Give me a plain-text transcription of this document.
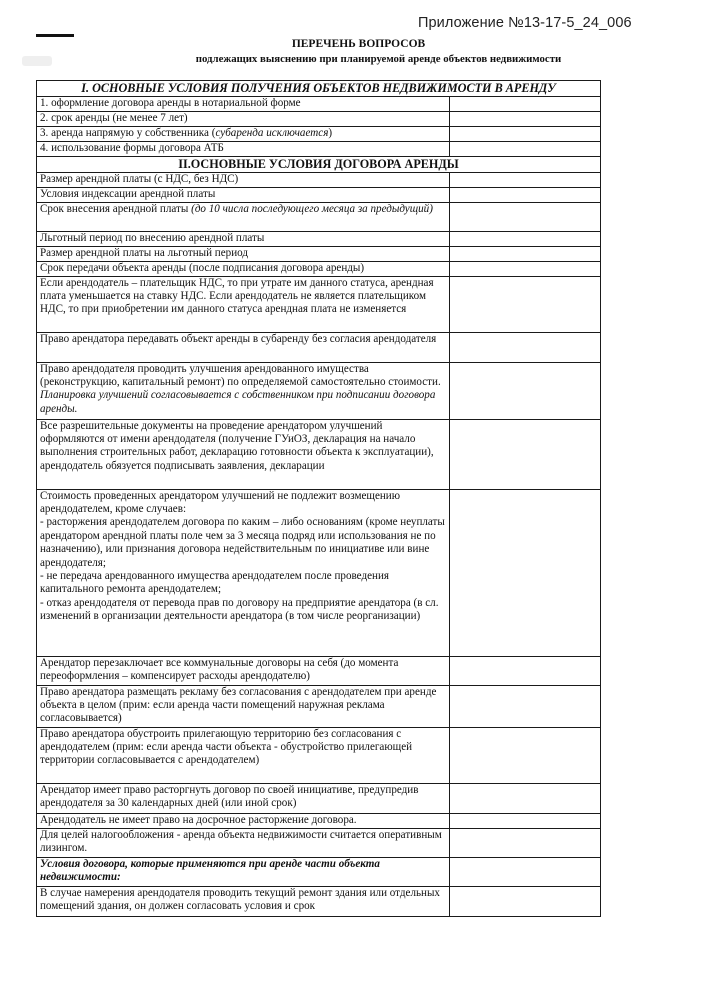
Приложение №13-17-5_24_006
ПЕРЕЧЕНЬ ВОПРОСОВ
подлежащих выяснению при планируемой аренде объектов недвижимости
I. ОСНОВНЫЕ УСЛОВИЯ ПОЛУЧЕНИЯ ОБЪЕКТОВ НЕДВИЖИМОСТИ В АРЕНДУ	
1. оформление договора аренды в нотариальной форме	
2. срок аренды (не менее 7 лет)	
3. аренда напрямую у собственника (субаренда исключается)	
4. использование формы договора АТБ	
II.ОСНОВНЫЕ УСЛОВИЯ ДОГОВОРА АРЕНДЫ	
Размер арендной платы (с НДС, без НДС)	
Условия индексации арендной платы	
Срок внесения арендной платы (до 10 числа последующего месяца за предыдущий)	
Льготный период по внесению арендной платы	
Размер арендной платы на льготный период	
Срок передачи объекта аренды (после подписания договора аренды)	
Если арендодатель – плательщик НДС, то при утрате им данного статуса, арендная плата уменьшается на ставку НДС. Если арендодатель не является плательщиком НДС, то при приобретении им данного статуса арендная плата не изменяется	
Право арендатора передавать объект аренды в субаренду без согласия арендодателя	
Право арендодателя проводить улучшения арендованного имущества (реконструкцию, капитальный ремонт) по определяемой самостоятельно стоимости. Планировка улучшений согласовывается с собственником при подписании договора аренды.	
Все разрешительные документы на проведение арендатором улучшений оформляются от имени арендодателя (получение ГУиОЗ, декларация на начало выполнения строительных работ, декларацию готовности объекта к эксплуатации), арендодатель обязуется подписывать заявления, декларации	
Стоимость проведенных арендатором улучшений не подлежит возмещению арендодателем, кроме случаев:
- расторжения арендодателем договора по каким – либо основаниям (кроме неуплаты арендатором арендной платы поле чем за 3 месяца подряд или использования не по назначению), или признания договора недействительным по инициативе или вине арендодателя;
- не передача арендованного имущества арендодателем после проведения капитального ремонта арендодателем;
- отказ арендодателя от перевода прав по договору на предприятие арендатора (в сл. изменений в организации деятельности арендатора (в том числе реорганизации)	
Арендатор перезаключает все коммунальные договоры на себя (до момента переоформления – компенсирует расходы арендодателю)	
Право арендатора размещать рекламу без согласования с арендодателем при аренде объекта в целом (прим: если аренда части помещений наружная реклама согласовывается)	
Право арендатора обустроить прилегающую территорию без согласования с арендодателем (прим: если аренда части объекта - обустройство прилегающей территории согласовывается с арендодателем)	
Арендатор имеет право расторгнуть договор по своей инициативе, предупредив арендодателя за 30 календарных дней (или иной срок)	
Арендодатель не имеет право на досрочное расторжение договора.	
Для целей налогообложения - аренда объекта недвижимости считается оперативным лизингом.	
Условия договора, которые применяются при аренде части объекта недвижимости:	
В случае намерения арендодателя проводить текущий ремонт здания или отдельных помещений здания, он должен согласовать условия и срок	
